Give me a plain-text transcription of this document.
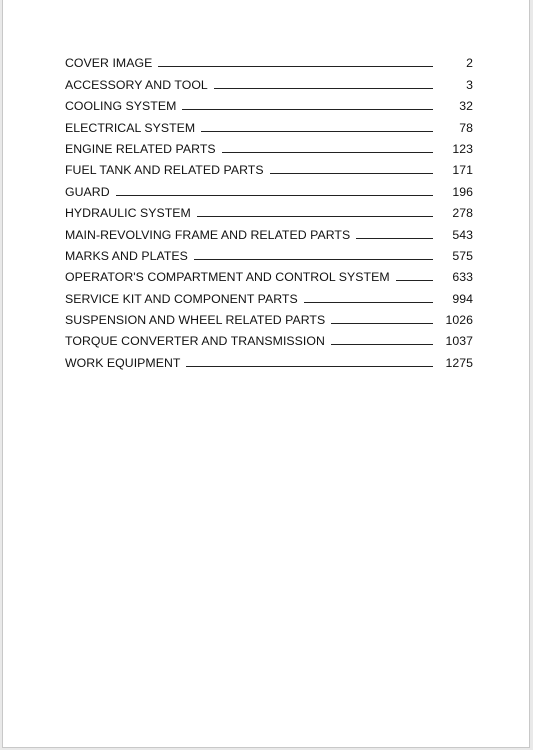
COVER IMAGE	2
ACCESSORY AND TOOL	3
COOLING SYSTEM	32
ELECTRICAL SYSTEM	78
ENGINE RELATED PARTS	123
FUEL TANK AND RELATED PARTS	171
GUARD	196
HYDRAULIC SYSTEM	278
MAIN-REVOLVING FRAME AND RELATED PARTS	543
MARKS AND PLATES	575
OPERATOR'S COMPARTMENT AND CONTROL SYSTEM	633
SERVICE KIT AND COMPONENT PARTS	994
SUSPENSION AND WHEEL RELATED PARTS	1026
TORQUE CONVERTER AND TRANSMISSION	1037
WORK EQUIPMENT	1275
